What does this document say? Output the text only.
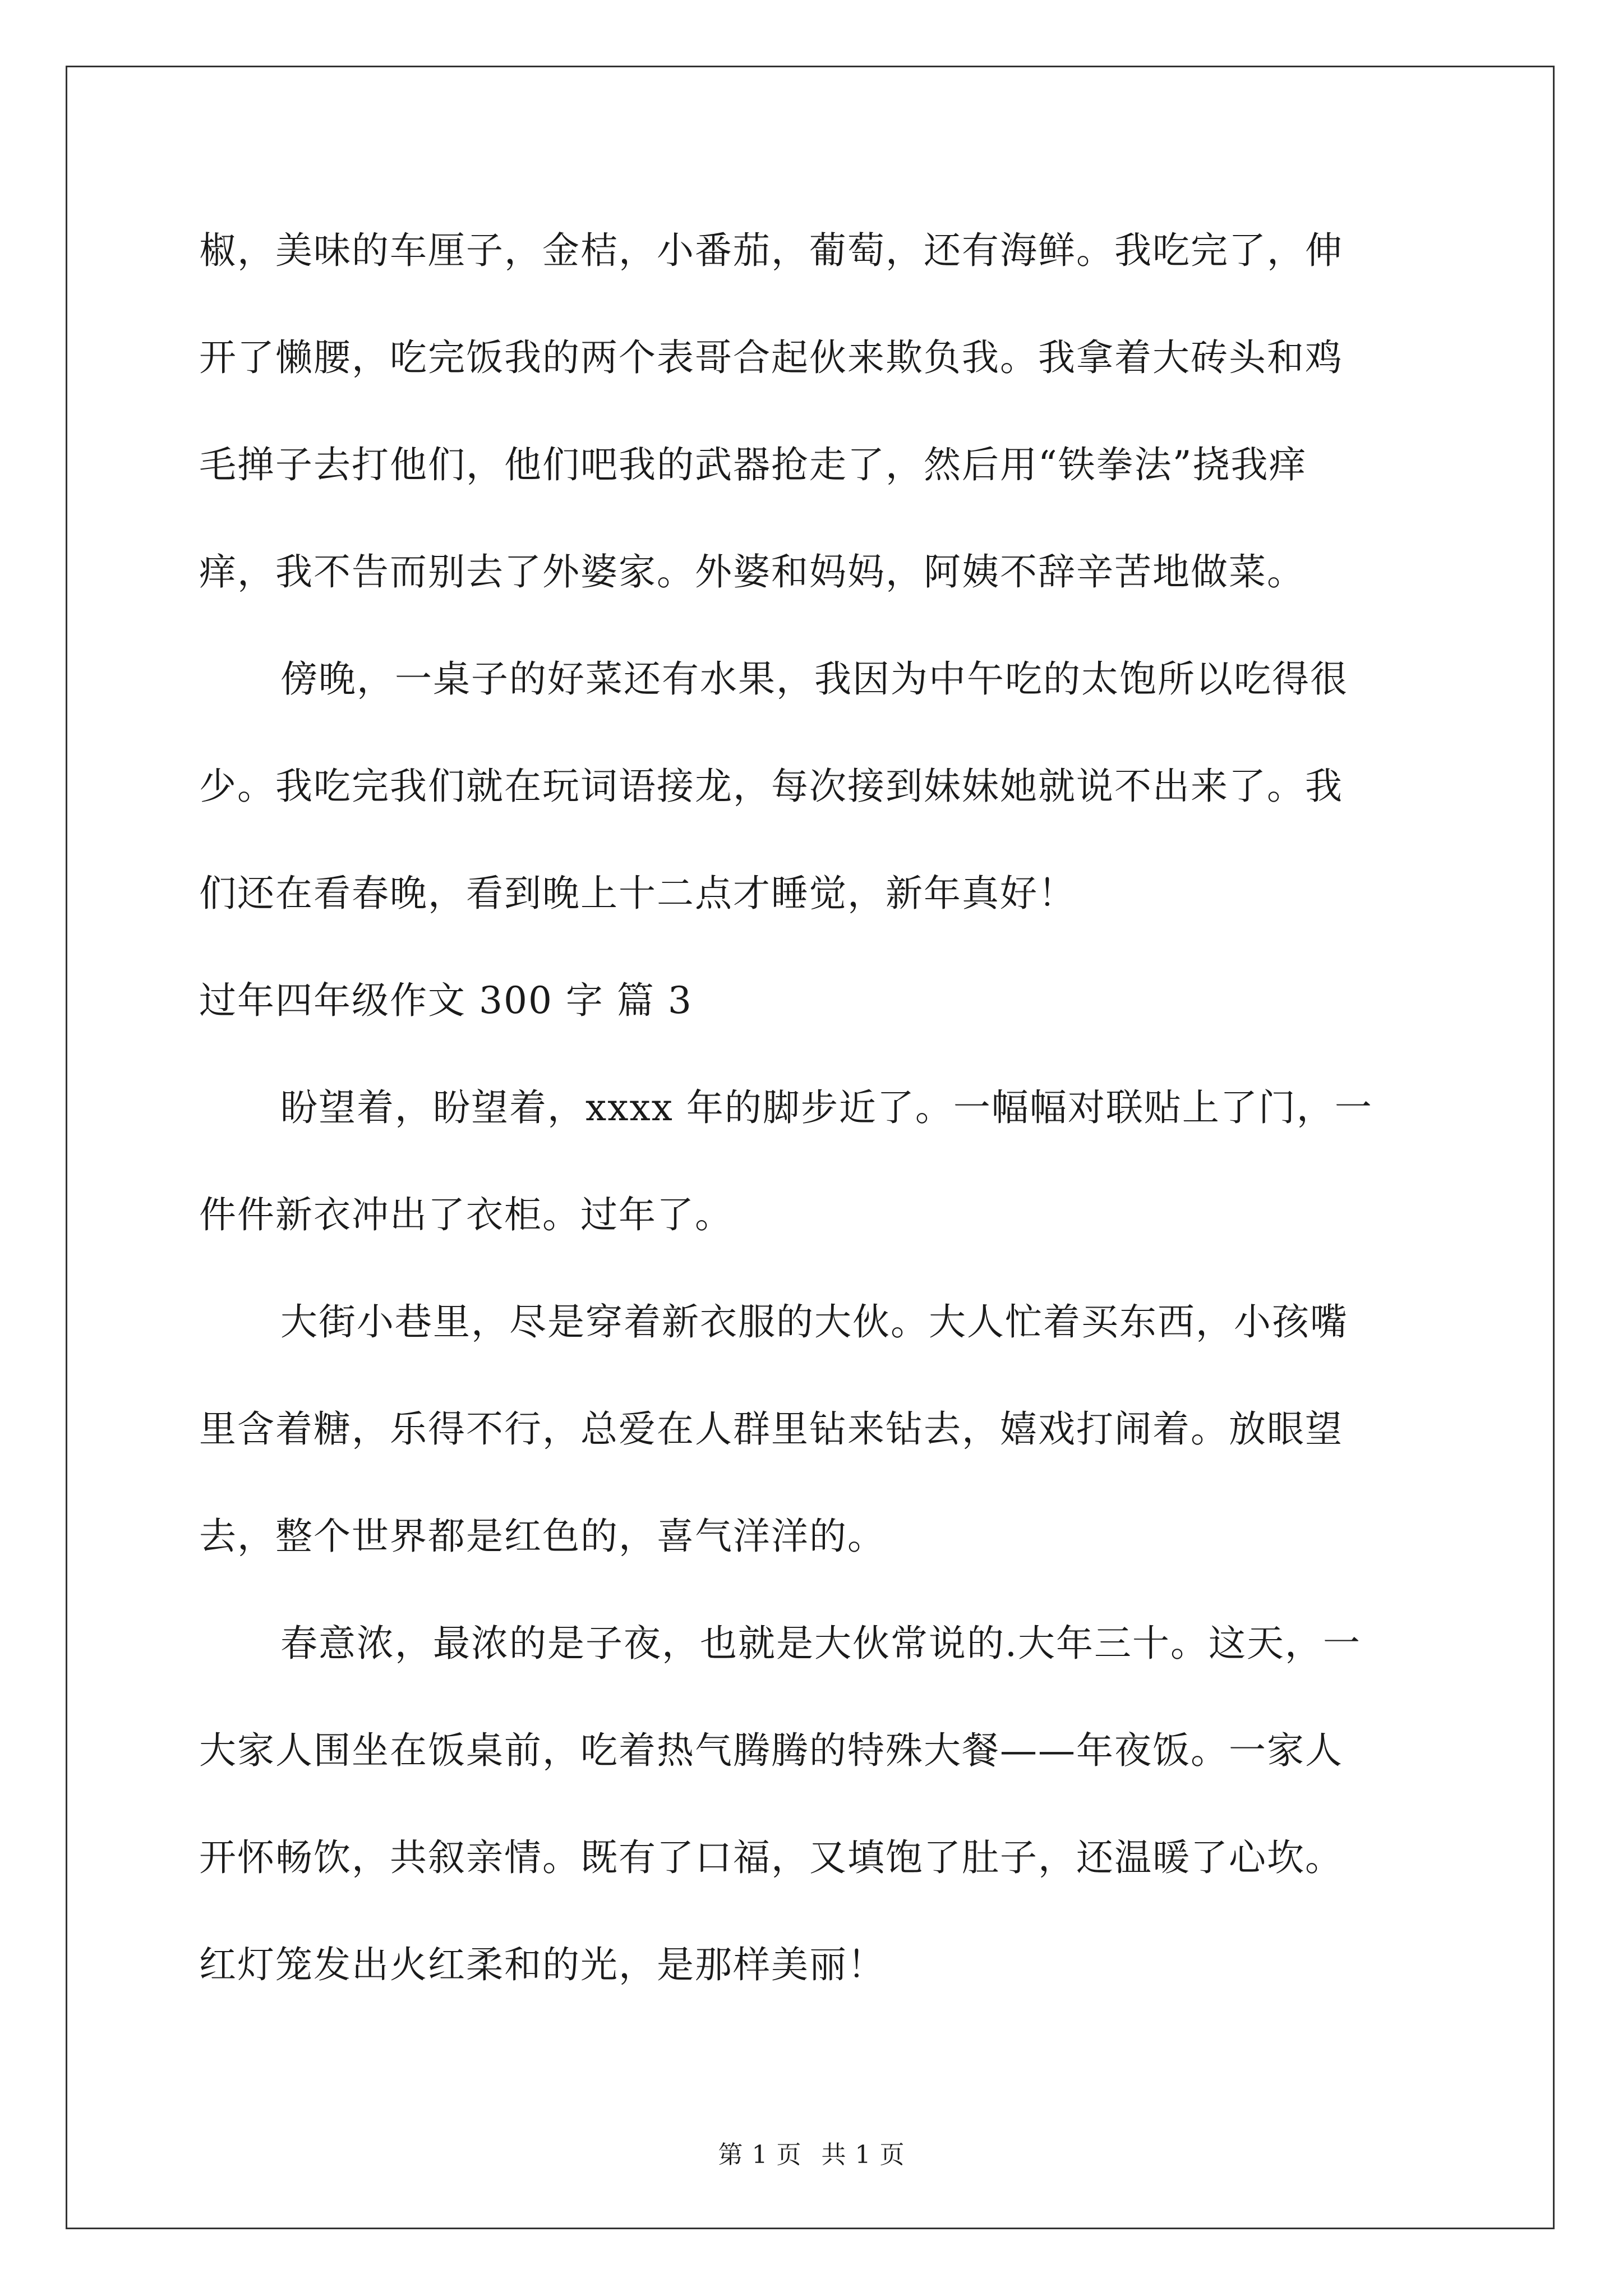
椒，美味的车厘子，金桔，小番茄，葡萄，还有海鲜。我吃完了，伸
开了懒腰，吃完饭我的两个表哥合起伙来欺负我。我拿着大砖头和鸡
毛掸子去打他们，他们吧我的武器抢走了，然后用“铁拳法”挠我痒
痒，我不告而别去了外婆家。外婆和妈妈，阿姨不辞辛苦地做菜。
傍晚，一桌子的好菜还有水果，我因为中午吃的太饱所以吃得很
少。我吃完我们就在玩词语接龙，每次接到妹妹她就说不出来了。我
们还在看春晚，看到晚上十二点才睡觉，新年真好！
过年四年级作文 300 字 篇 3
盼望着，盼望着，xxxx 年的脚步近了。一幅幅对联贴上了门，一
件件新衣冲出了衣柜。过年了。
大街小巷里，尽是穿着新衣服的大伙。大人忙着买东西，小孩嘴
里含着糖，乐得不行，总爱在人群里钻来钻去，嬉戏打闹着。放眼望
去，整个世界都是红色的，喜气洋洋的。
春意浓，最浓的是子夜，也就是大伙常说的.大年三十。这天，一
大家人围坐在饭桌前，吃着热气腾腾的特殊大餐——年夜饭。一家人
开怀畅饮，共叙亲情。既有了口福，又填饱了肚子，还温暖了心坎。
红灯笼发出火红柔和的光，是那样美丽！
第 1 页 共 1 页
